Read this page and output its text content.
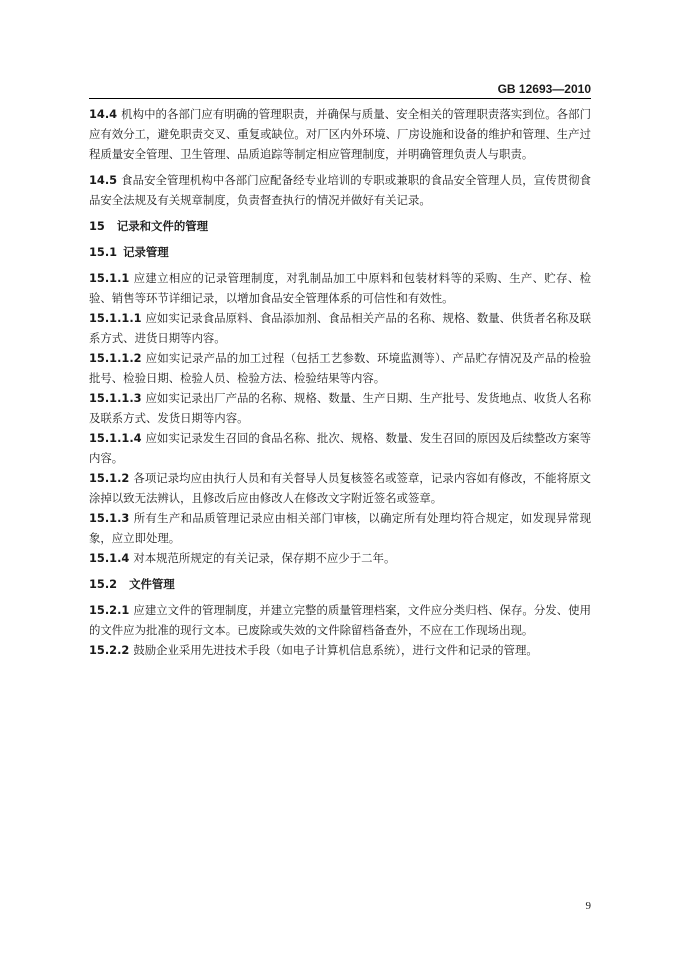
GB 12693—2010

14.4 机构中的各部门应有明确的管理职责，并确保与质量、安全相关的管理职责落实到位。各部门应有效分工，避免职责交叉、重复或缺位。对厂区内外环境、厂房设施和设备的维护和管理、生产过程质量安全管理、卫生管理、品质追踪等制定相应管理制度，并明确管理负责人与职责。

14.5 食品安全管理机构中各部门应配备经专业培训的专职或兼职的食品安全管理人员，宣传贯彻食品安全法规及有关规章制度，负责督查执行的情况并做好有关记录。

15 记录和文件的管理

15.1 记录管理

15.1.1 应建立相应的记录管理制度，对乳制品加工中原料和包装材料等的采购、生产、贮存、检验、销售等环节详细记录，以增加食品安全管理体系的可信性和有效性。

15.1.1.1 应如实记录食品原料、食品添加剂、食品相关产品的名称、规格、数量、供货者名称及联系方式、进货日期等内容。

15.1.1.2 应如实记录产品的加工过程（包括工艺参数、环境监测等）、产品贮存情况及产品的检验批号、检验日期、检验人员、检验方法、检验结果等内容。

15.1.1.3 应如实记录出厂产品的名称、规格、数量、生产日期、生产批号、发货地点、收货人名称及联系方式、发货日期等内容。

15.1.1.4 应如实记录发生召回的食品名称、批次、规格、数量、发生召回的原因及后续整改方案等内容。

15.1.2 各项记录均应由执行人员和有关督导人员复核签名或签章，记录内容如有修改，不能将原文涂掉以致无法辨认，且修改后应由修改人在修改文字附近签名或签章。

15.1.3 所有生产和品质管理记录应由相关部门审核，以确定所有处理均符合规定，如发现异常现象，应立即处理。

15.1.4 对本规范所规定的有关记录，保存期不应少于二年。

15.2 文件管理

15.2.1 应建立文件的管理制度，并建立完整的质量管理档案，文件应分类归档、保存。分发、使用的文件应为批准的现行文本。已废除或失效的文件除留档备查外，不应在工作现场出现。

15.2.2 鼓励企业采用先进技术手段（如电子计算机信息系统），进行文件和记录的管理。

9
